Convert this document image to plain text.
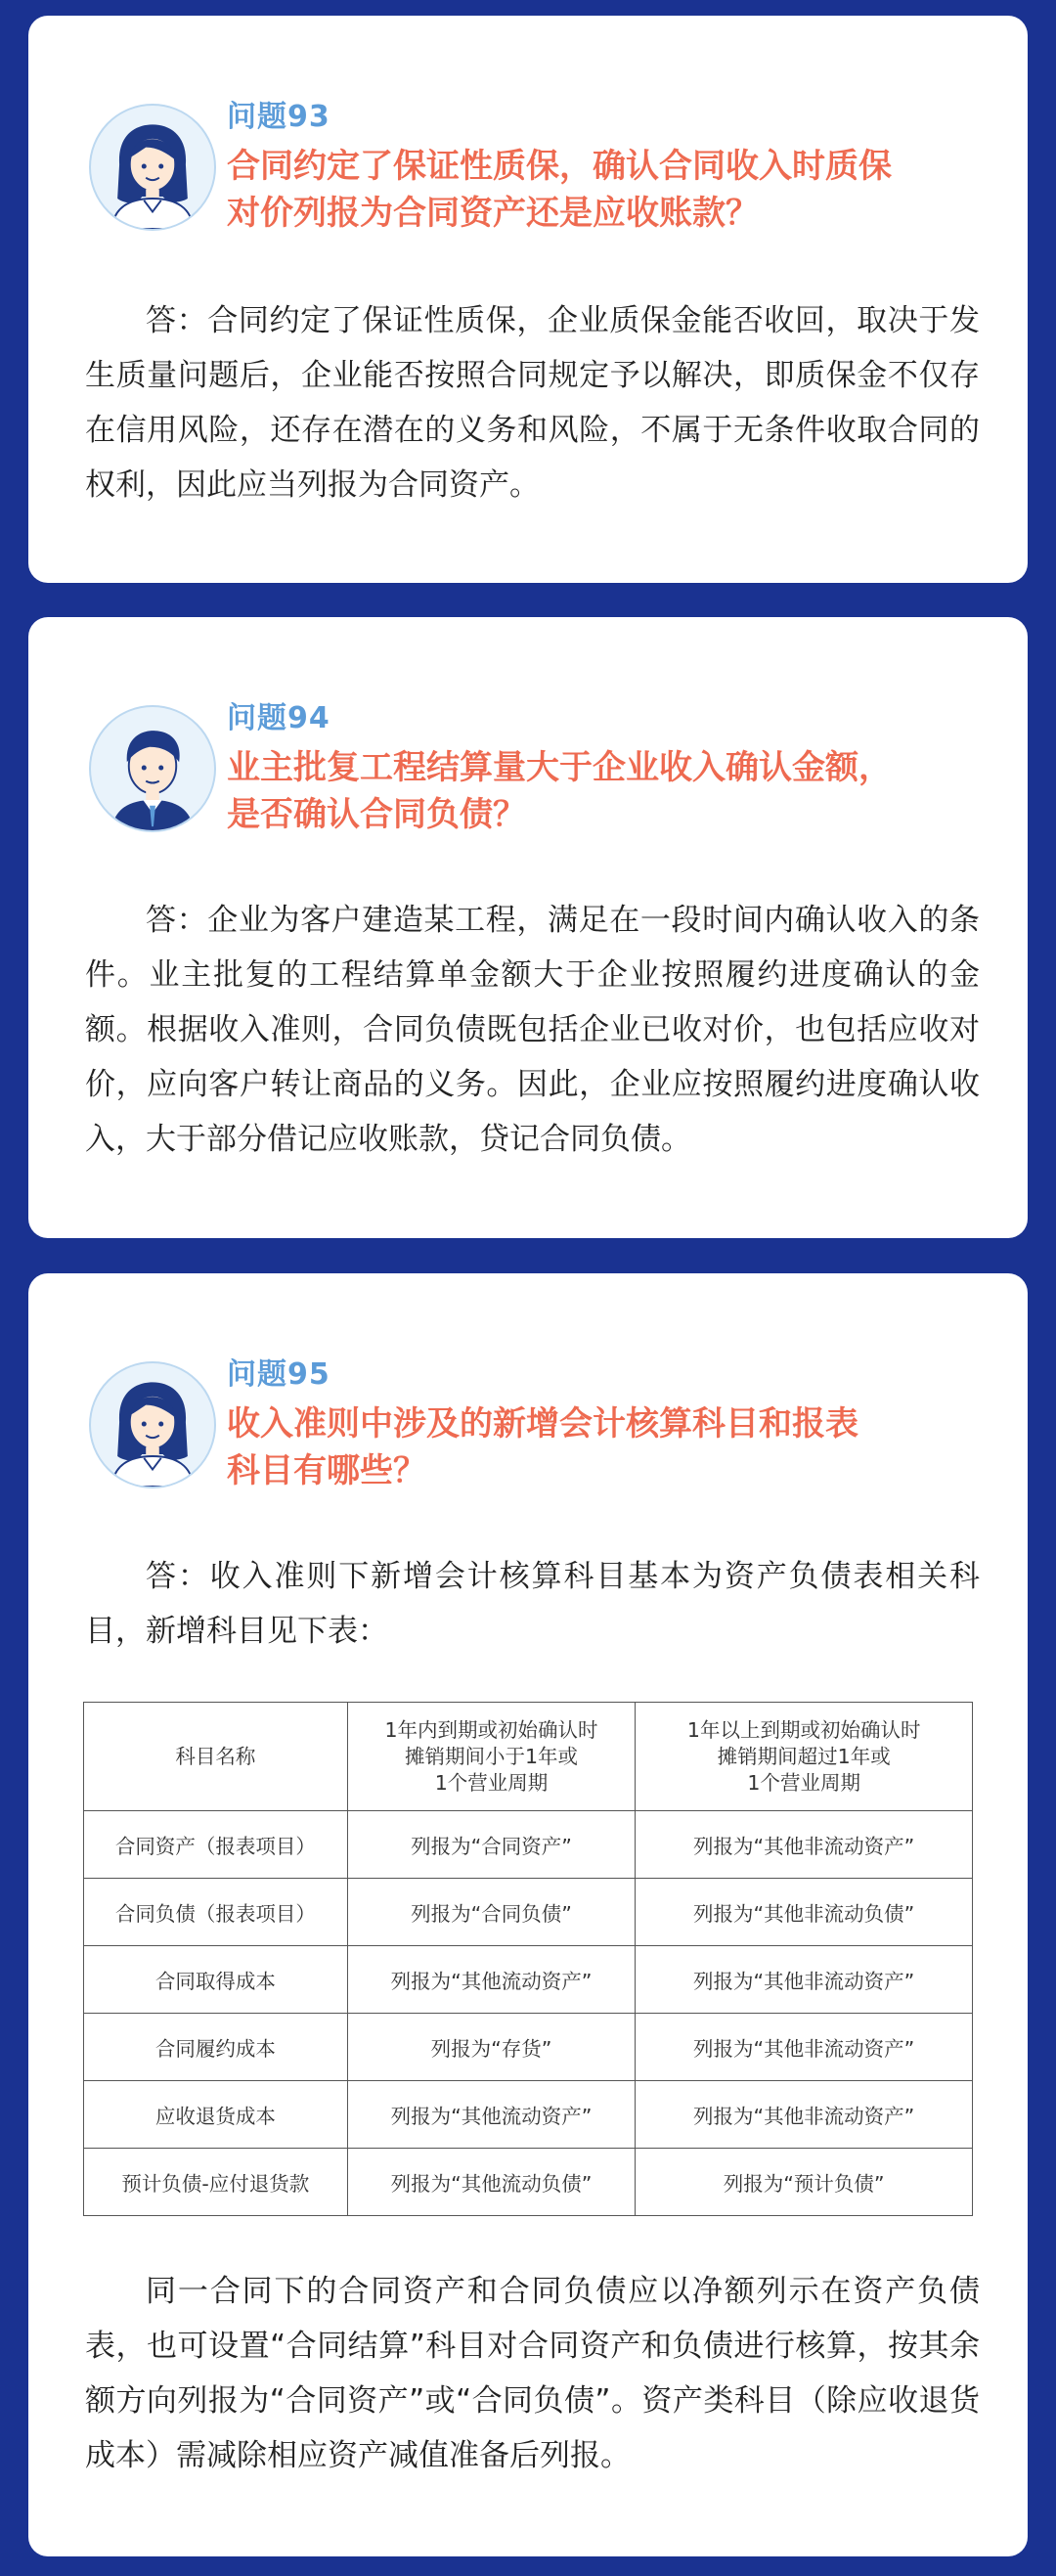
问题93
合同约定了保证性质保，确认合同收入时质保
对价列报为合同资产还是应收账款？

答：合同约定了保证性质保，企业质保金能否收回，取决于发生质量问题后，企业能否按照合同规定予以解决，即质保金不仅存在信用风险，还存在潜在的义务和风险，不属于无条件收取合同的权利，因此应当列报为合同资产。

问题94
业主批复工程结算量大于企业收入确认金额，
是否确认合同负债？

答：企业为客户建造某工程，满足在一段时间内确认收入的条件。业主批复的工程结算单金额大于企业按照履约进度确认的金额。根据收入准则，合同负债既包括企业已收对价，也包括应收对价，应向客户转让商品的义务。因此，企业应按照履约进度确认收入，大于部分借记应收账款，贷记合同负债。

问题95
收入准则中涉及的新增会计核算科目和报表
科目有哪些？

答：收入准则下新增会计核算科目基本为资产负债表相关科目，新增科目见下表：

科目名称	1年内到期或初始确认时
摊销期间小于1年或
1个营业周期	1年以上到期或初始确认时
摊销期间超过1年或
1个营业周期
合同资产（报表项目）	列报为“合同资产”	列报为“其他非流动资产”
合同负债（报表项目）	列报为“合同负债”	列报为“其他非流动负债”
合同取得成本	列报为“其他流动资产”	列报为“其他非流动资产”
合同履约成本	列报为“存货”	列报为“其他非流动资产”
应收退货成本	列报为“其他流动资产”	列报为“其他非流动资产”
预计负债-应付退货款	列报为“其他流动负债”	列报为“预计负债”

同一合同下的合同资产和合同负债应以净额列示在资产负债表，也可设置“合同结算”科目对合同资产和负债进行核算，按其余额方向列报为“合同资产”或“合同负债”。资产类科目（除应收退货成本）需减除相应资产减值准备后列报。
